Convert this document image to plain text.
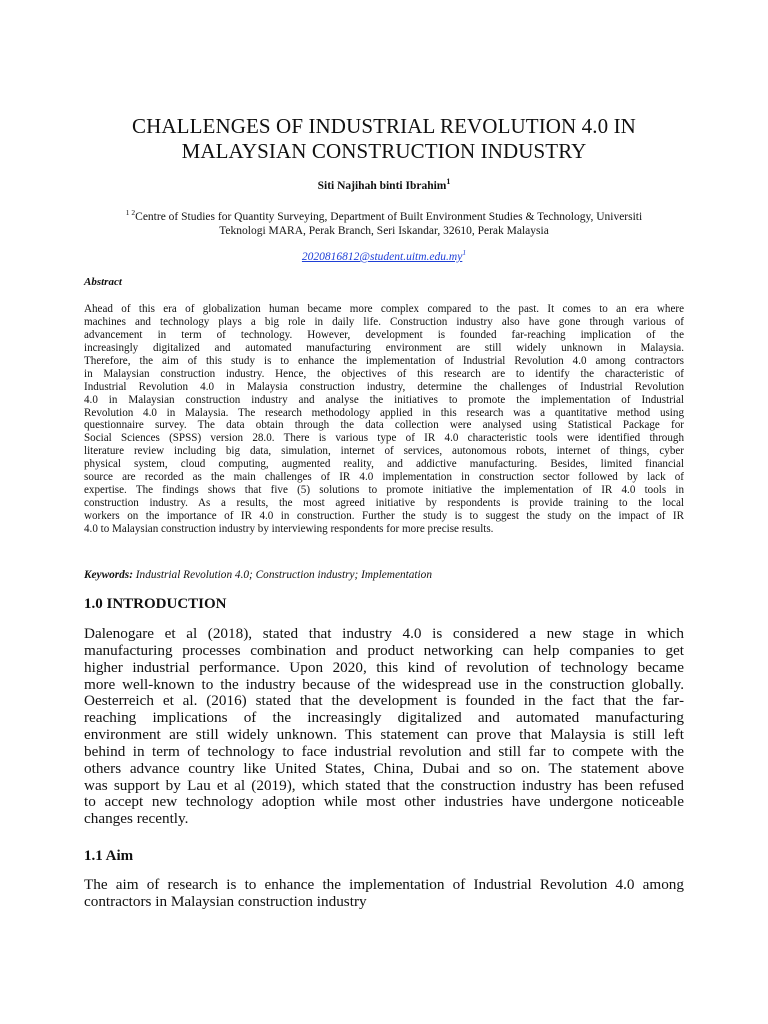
CHALLENGES OF INDUSTRIAL REVOLUTION 4.0 IN
MALAYSIAN CONSTRUCTION INDUSTRY
Siti Najihah binti Ibrahim$^1$
$^{1 2}$Centre of Studies for Quantity Surveying, Department of Built Environment Studies & Technology, Universiti
Teknologi MARA, Perak Branch, Seri Iskandar, 32610, Perak Malaysia
$2020816812@student.uitm.edu.my^1$
Abstract
Ahead of this era of globalization human became more complex compared to the past. It comes to an era where
machines and technology plays a big role in daily life. Construction industry also have gone through various of
advancement in term of technology. However, development is founded far-reaching implication of the
increasingly digitalized and automated manufacturing environment are still widely unknown in Malaysia.
Therefore, the aim of this study is to enhance the implementation of Industrial Revolution 4.0 among contractors
in Malaysian construction industry. Hence, the objectives of this research are to identify the characteristic of
Industrial Revolution 4.0 in Malaysia construction industry, determine the challenges of Industrial Revolution
4.0 in Malaysian construction industry and analyse the initiatives to promote the implementation of Industrial
Revolution 4.0 in Malaysia. The research methodology applied in this research was a quantitative method using
questionnaire survey. The data obtain through the data collection were analysed using Statistical Package for
Social Sciences (SPSS) version 28.0. There is various type of IR 4.0 characteristic tools were identified through
literature review including big data, simulation, internet of services, autonomous robots, internet of things, cyber
physical system, cloud computing, augmented reality, and addictive manufacturing. Besides, limited financial
source are recorded as the main challenges of IR 4.0 implementation in construction sector followed by lack of
expertise. The findings shows that five (5) solutions to promote initiative the implementation of IR 4.0 tools in
construction industry. As a results, the most agreed initiative by respondents is provide training to the local
workers on the importance of IR 4.0 in construction. Further the study is to suggest the study on the impact of IR
4.0 to Malaysian construction industry by interviewing respondents for more precise results.
Keywords: Industrial Revolution 4.0; Construction industry; Implementation
1.0 INTRODUCTION
Dalenogare et al (2018), stated that industry 4.0 is considered a new stage in which
manufacturing processes combination and product networking can help companies to get
higher industrial performance. Upon 2020, this kind of revolution of technology became
more well-known to the industry because of the widespread use in the construction globally.
Oesterreich et al. (2016) stated that the development is founded in the fact that the far-
reaching implications of the increasingly digitalized and automated manufacturing
environment are still widely unknown. This statement can prove that Malaysia is still left
behind in term of technology to face industrial revolution and still far to compete with the
others advance country like United States, China, Dubai and so on. The statement above
was support by Lau et al (2019), which stated that the construction industry has been refused
to accept new technology adoption while most other industries have undergone noticeable
changes recently.
1.1 Aim
The aim of research is to enhance the implementation of Industrial Revolution 4.0 among
contractors in Malaysian construction industry
